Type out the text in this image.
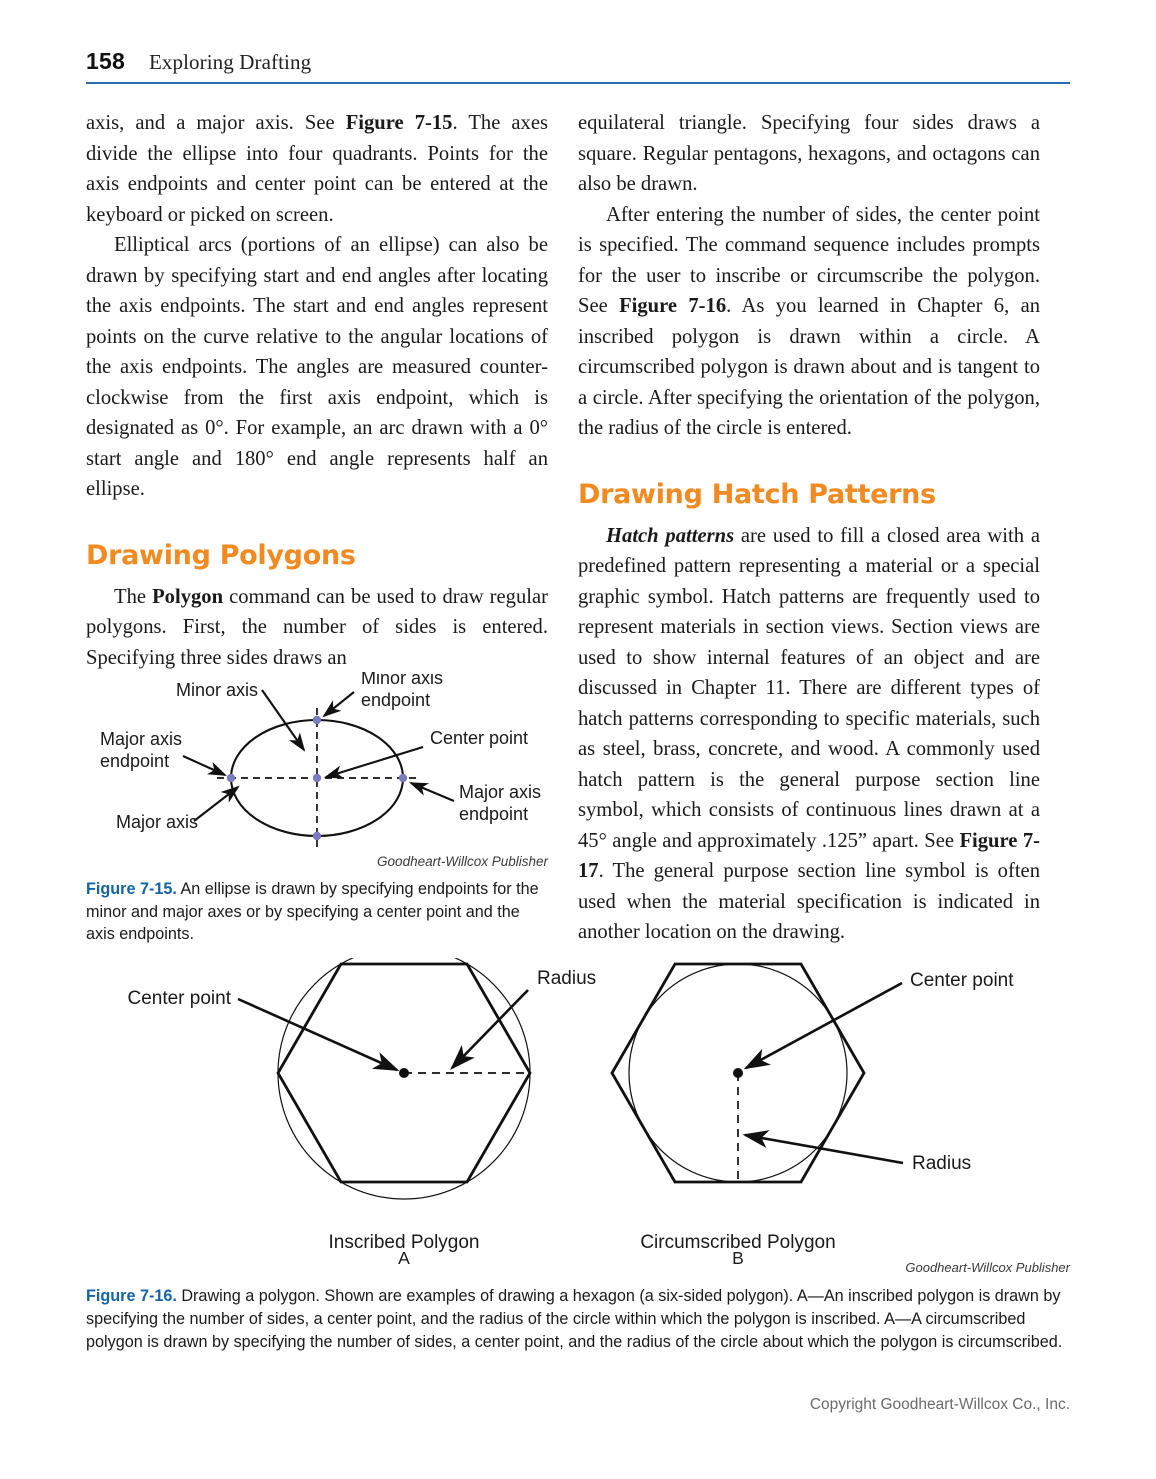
158 Exploring Drafting

axis, and a major axis. See Figure 7-15. The axes divide the ellipse into four quadrants. Points for the axis endpoints and center point can be entered at the keyboard or picked on screen.

Elliptical arcs (portions of an ellipse) can also be drawn by specifying start and end angles after locating the axis endpoints. The start and end angles represent points on the curve relative to the angular locations of the axis endpoints. The angles are measured counter-clockwise from the first axis endpoint, which is designated as 0°. For example, an arc drawn with a 0° start angle and 180° end angle represents half an ellipse.

Drawing Polygons

The Polygon command can be used to draw regular polygons. First, the number of sides is entered. Specifying three sides draws an

equilateral triangle. Specifying four sides draws a square. Regular pentagons, hexagons, and octagons can also be drawn.

After entering the number of sides, the center point is specified. The command sequence includes prompts for the user to inscribe or circumscribe the polygon. See Figure 7-16. As you learned in Chapter 6, an inscribed polygon is drawn within a circle. A circumscribed polygon is drawn about and is tangent to a circle. After specifying the orientation of the polygon, the radius of the circle is entered.

Drawing Hatch Patterns

Hatch patterns are used to fill a closed area with a predefined pattern representing a material or a special graphic symbol. Hatch patterns are frequently used to represent materials in section views. Section views are used to show internal features of an object and are discussed in Chapter 11. There are different types of hatch patterns corresponding to specific materials, such as steel, brass, concrete, and wood. A commonly used hatch pattern is the general purpose section line symbol, which consists of continuous lines drawn at a 45° angle and approximately .125” apart. See Figure 7-17. The general purpose section line symbol is often used when the material specification is indicated in another location on the drawing.

Minor axis
Minor axis
endpoint
Major axis
endpoint
Major axis
Center point
Major axis
endpoint
Goodheart-Willcox Publisher
Figure 7-15. An ellipse is drawn by specifying endpoints for the minor and major axes or by specifying a center point and the axis endpoints.
Center point
Radius	Center point
Radius
Inscribed Polygon	Circumscribed Polygon
A	B	Goodheart-Willcox Publisher
Figure 7-16. Drawing a polygon. Shown are examples of drawing a hexagon (a six-sided polygon). A—An inscribed polygon is drawn by specifying the number of sides, a center point, and the radius of the circle within which the polygon is inscribed. A—A circumscribed polygon is drawn by specifying the number of sides, a center point, and the radius of the circle about which the polygon is circumscribed.
Copyright Goodheart-Willcox Co., Inc.
